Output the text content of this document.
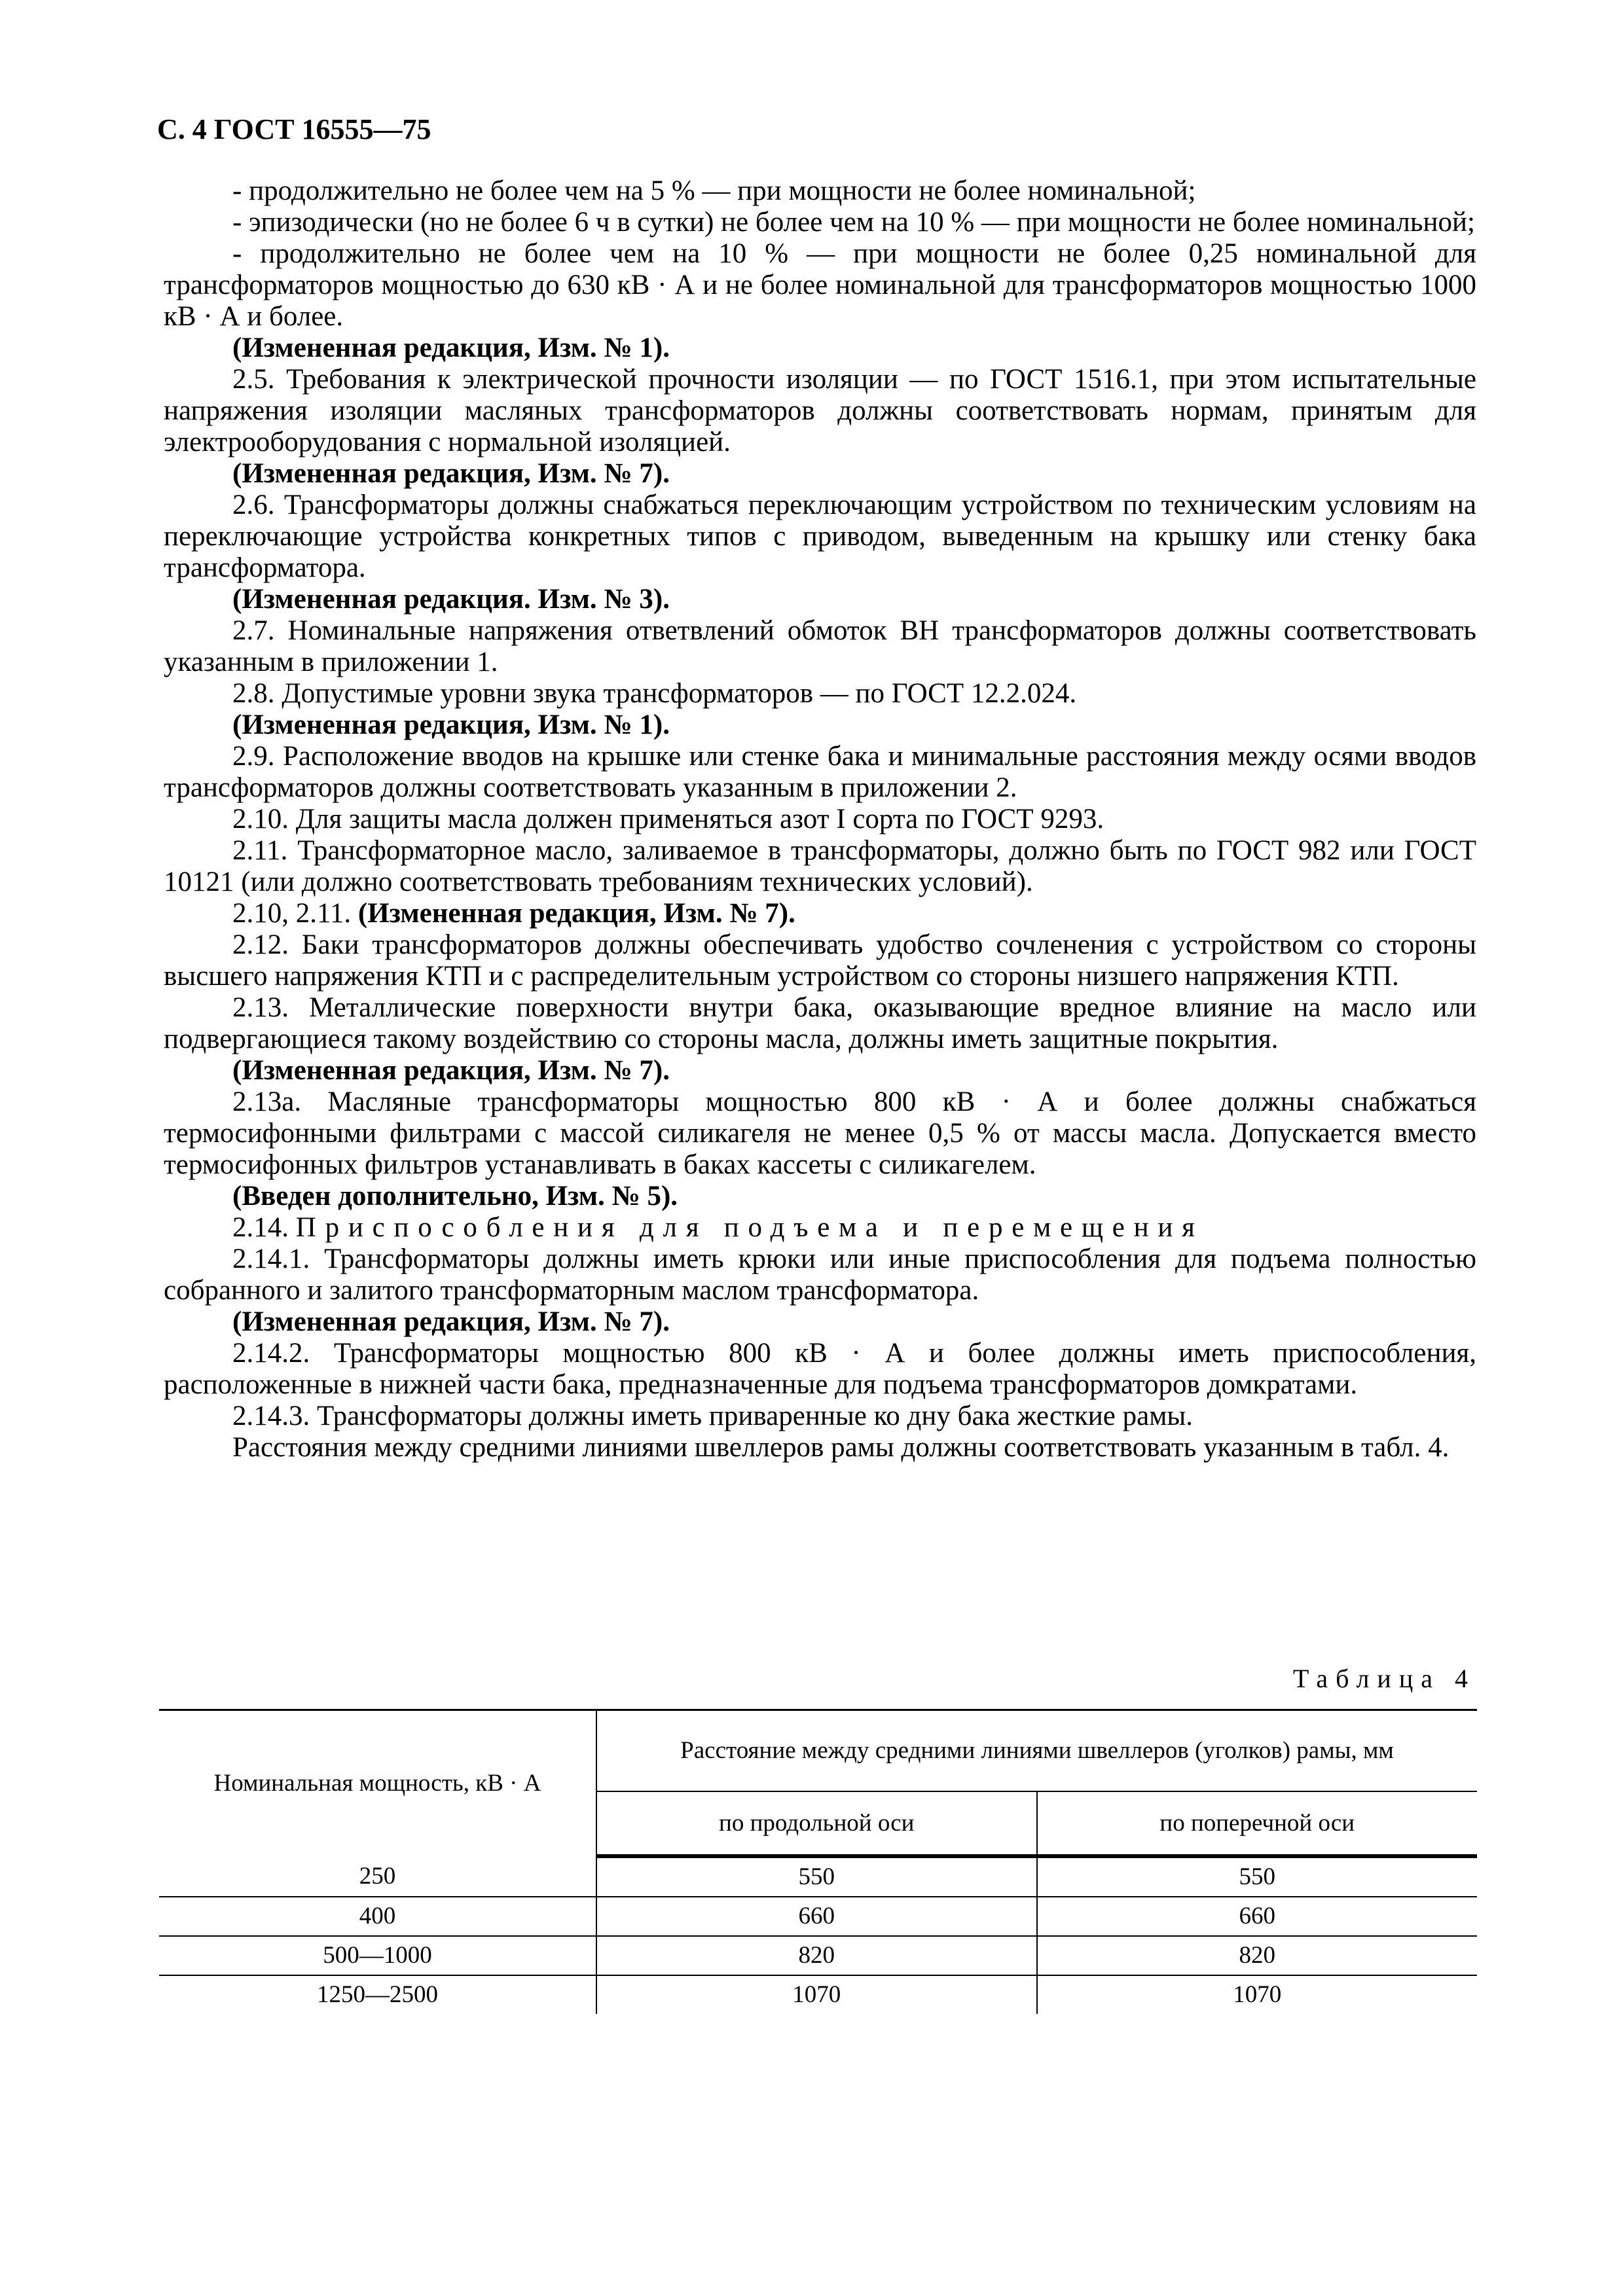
С. 4 ГОСТ 16555—75

- продолжительно не более чем на 5 % — при мощности не более номинальной;

- эпизодически (но не более 6 ч в сутки) не более чем на 10 % — при мощности не более номинальной;

- продолжительно не более чем на 10 % — при мощности не более 0,25 номинальной для трансформаторов мощностью до 630 кВ · А и не более номинальной для трансформаторов мощностью 1000 кВ · А и более.

(Измененная редакция, Изм. № 1).

2.5. Требования к электрической прочности изоляции — по ГОСТ 1516.1, при этом испытательные напряжения изоляции масляных трансформаторов должны соответствовать нормам, принятым для электрооборудования с нормальной изоляцией.

(Измененная редакция, Изм. № 7).

2.6. Трансформаторы должны снабжаться переключающим устройством по техническим условиям на переключающие устройства конкретных типов с приводом, выведенным на крышку или стенку бака трансформатора.

(Измененная редакция. Изм. № 3).

2.7. Номинальные напряжения ответвлений обмоток ВН трансформаторов должны соответствовать указанным в приложении 1.

2.8. Допустимые уровни звука трансформаторов — по ГОСТ 12.2.024.

(Измененная редакция, Изм. № 1).

2.9. Расположение вводов на крышке или стенке бака и минимальные расстояния между осями вводов трансформаторов должны соответствовать указанным в приложении 2.

2.10. Для защиты масла должен применяться азот I сорта по ГОСТ 9293.

2.11. Трансформаторное масло, заливаемое в трансформаторы, должно быть по ГОСТ 982 или ГОСТ 10121 (или должно соответствовать требованиям технических условий).

2.10, 2.11. (Измененная редакция, Изм. № 7).

2.12. Баки трансформаторов должны обеспечивать удобство сочленения с устройством со стороны высшего напряжения КТП и с распределительным устройством со стороны низшего напряжения КТП.

2.13. Металлические поверхности внутри бака, оказывающие вредное влияние на масло или подвергающиеся такому воздействию со стороны масла, должны иметь защитные покрытия.

(Измененная редакция, Изм. № 7).

2.13а. Масляные трансформаторы мощностью 800 кВ · А и более должны снабжаться термосифонными фильтрами с массой силикагеля не менее 0,5 % от массы масла. Допускается вместо термосифонных фильтров устанавливать в баках кассеты с силикагелем.

(Введен дополнительно, Изм. № 5).

2.14. Приспособления для подъема и перемещения

2.14.1. Трансформаторы должны иметь крюки или иные приспособления для подъема полностью собранного и залитого трансформаторным маслом трансформатора.

(Измененная редакция, Изм. № 7).

2.14.2. Трансформаторы мощностью 800 кВ · А и более должны иметь приспособления, расположенные в нижней части бака, предназначенные для подъема трансформаторов домкратами.

2.14.3. Трансформаторы должны иметь приваренные ко дну бака жесткие рамы.

Расстояния между средними линиями швеллеров рамы должны соответствовать указанным в табл. 4.

Таблица 4
Номинальная мощность, кВ · А	Расстояние между средними линиями швеллеров (уголков) рамы, мм	
	по продольной оси	по поперечной оси
250	550	550
400	660	660
500—1000	820	820
1250—2500	1070	1070
